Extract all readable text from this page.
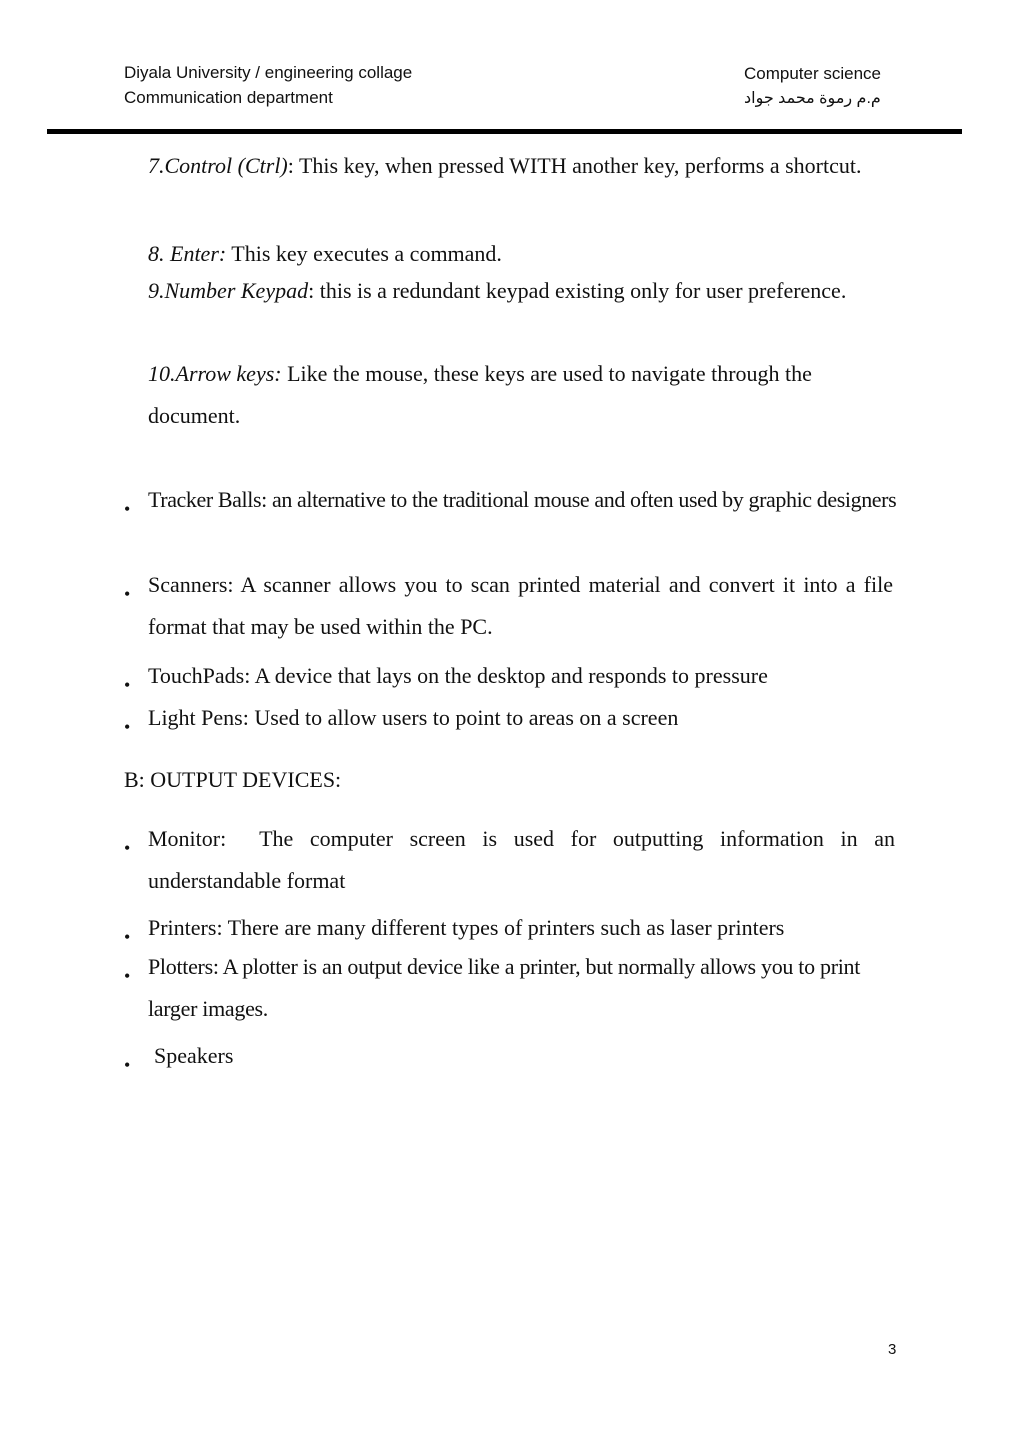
Diyala University / engineering collage
Communication department
Computer science
م.م رموة محمد جواد

7.Control (Ctrl): This key, when pressed WITH another key, performs a shortcut.

8. Enter: This key executes a command.

9.Number Keypad: this is a redundant keypad existing only for user preference.

10.Arrow keys: Like the mouse, these keys are used to navigate through the document.

• Tracker Balls: an alternative to the traditional mouse and often used by graphic designers

• Scanners: A scanner allows you to scan printed material and convert it into a file format that may be used within the PC.

• TouchPads: A device that lays on the desktop and responds to pressure

• Light Pens: Used to allow users to point to areas on a screen

B: OUTPUT DEVICES:

• Monitor:  The computer screen is used for outputting information in an understandable format

• Printers: There are many different types of printers such as laser printers

• Plotters: A plotter is an output device like a printer, but normally allows you to print larger images.

• Speakers

3
